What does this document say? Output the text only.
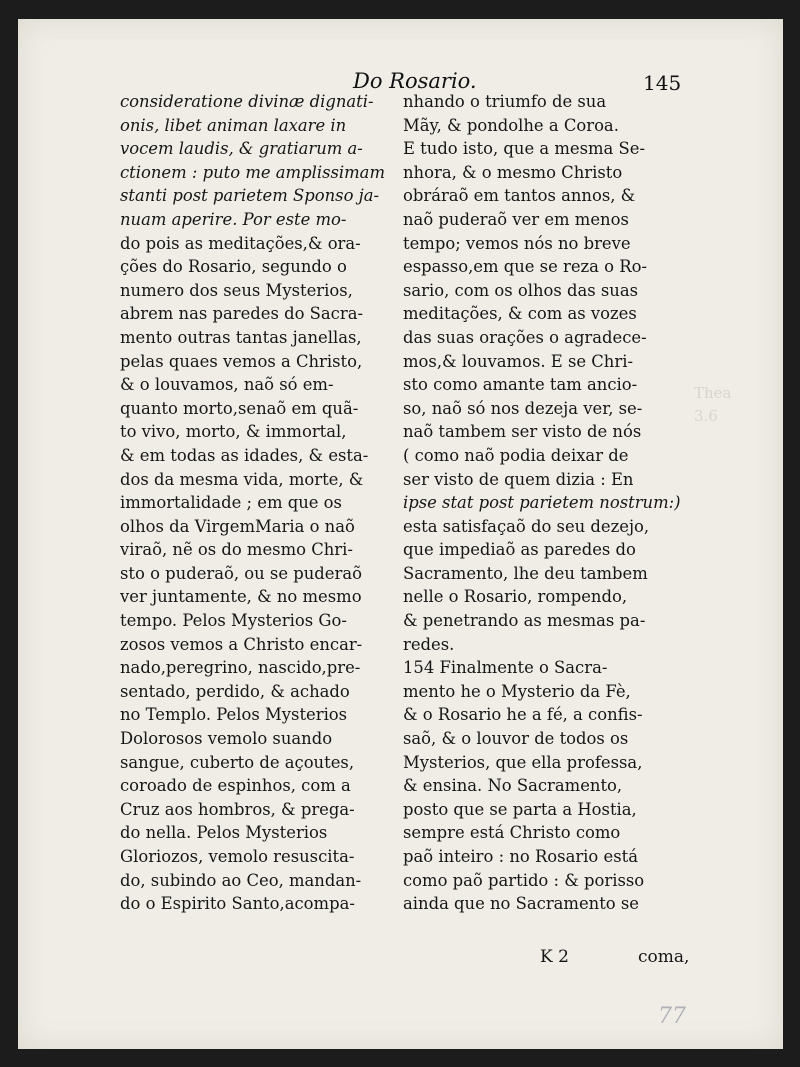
Do Rosario.	145
Thea
3.6
consideratione divinæ dignati-
onis, libet animan laxare in
vocem laudis, & gratiarum a-
ctionem : puto me amplissimam
stanti post parietem Sponso ja-
nuam aperire. Por este mo-
do pois as meditações,& ora-
ções do Rosario, segundo o
numero dos seus Mysterios,
abrem nas paredes do Sacra-
mento outras tantas janellas,
pelas quaes vemos a Christo,
& o louvamos, naõ só em-
quanto morto,senaõ em quã-
to vivo, morto, & immortal,
& em todas as idades, & esta-
dos da mesma vida, morte, &
immortalidade ; em que os
olhos da VirgemMaria o naõ
viraõ, nẽ os do mesmo Chri-
sto o puderaõ, ou se puderaõ
ver juntamente, & no mesmo
tempo. Pelos Mysterios Go-
zosos vemos a Christo encar-
nado,peregrino, nascido,pre-
sentado, perdido, & achado
no Templo. Pelos Mysterios
Dolorosos vemolo suando
sangue, cuberto de açoutes,
coroado de espinhos, com a
Cruz aos hombros, & prega-
do nella. Pelos Mysterios
Gloriozos, vemolo resuscita-
do, subindo ao Ceo, mandan-
do o Espirito Santo,acompa-
nhando o triumfo de sua
Mãy, & pondolhe a Coroa.
E tudo isto, que a mesma Se-
nhora, & o mesmo Christo
obráraõ em tantos annos, &
naõ puderaõ ver em menos
tempo; vemos nós no breve
espasso,em que se reza o Ro-
sario, com os olhos das suas
meditações, & com as vozes
das suas orações o agradece-
mos,& louvamos. E se Chri-
sto como amante tam ancio-
so, naõ só nos dezeja ver, se-
naõ tambem ser visto de nós
( como naõ podia deixar de
ser visto de quem dizia : En
ipse stat post parietem nostrum:)
esta satisfaçaõ do seu dezejo,
que impediaõ as paredes do
Sacramento, lhe deu tambem
nelle o Rosario, rompendo,
& penetrando as mesmas pa-
redes.
154 Finalmente o Sacra-
mento he o Mysterio da Fè,
& o Rosario he a fé, a confis-
saõ, & o louvor de todos os
Mysterios, que ella professa,
& ensina. No Sacramento,
posto que se parta a Hostia,
sempre está Christo como
paõ inteiro : no Rosario está
como paõ partido : & porisso
ainda que no Sacramento se
K 2	coma,
77
